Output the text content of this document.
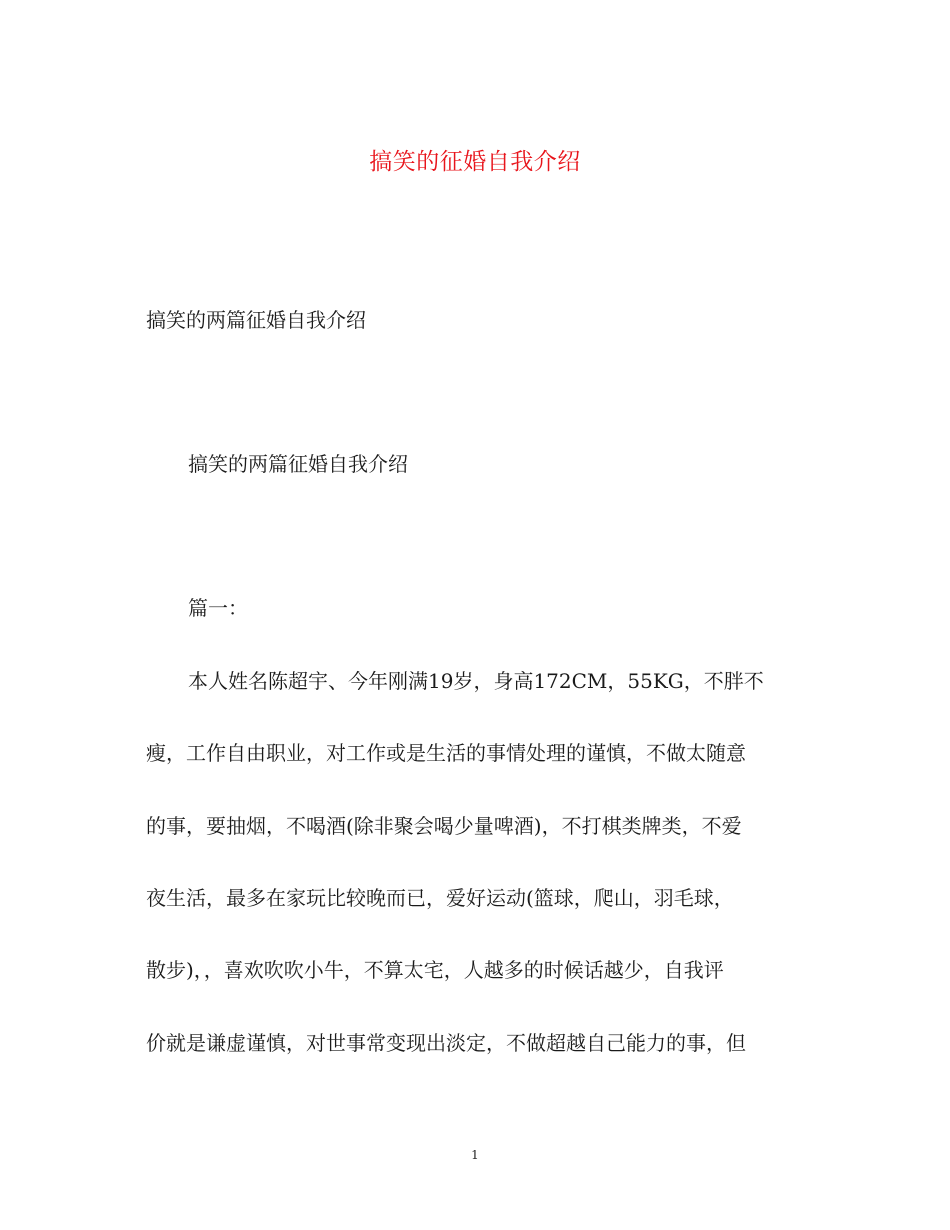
搞笑的征婚自我介绍
搞笑的两篇征婚自我介绍
搞笑的两篇征婚自我介绍
篇一：
本人姓名陈超宇、今年刚满19岁，身高172CM，55KG，不胖不
瘦，工作自由职业，对工作或是生活的事情处理的谨慎，不做太随意
的事，要抽烟，不喝酒(除非聚会喝少量啤酒)，不打棋类牌类，不爱
夜生活，最多在家玩比较晚而已，爱好运动(篮球，爬山，羽毛球，
散步)，，喜欢吹吹小牛，不算太宅，人越多的时候话越少，自我评
价就是谦虚谨慎，对世事常变现出淡定，不做超越自己能力的事，但
1
